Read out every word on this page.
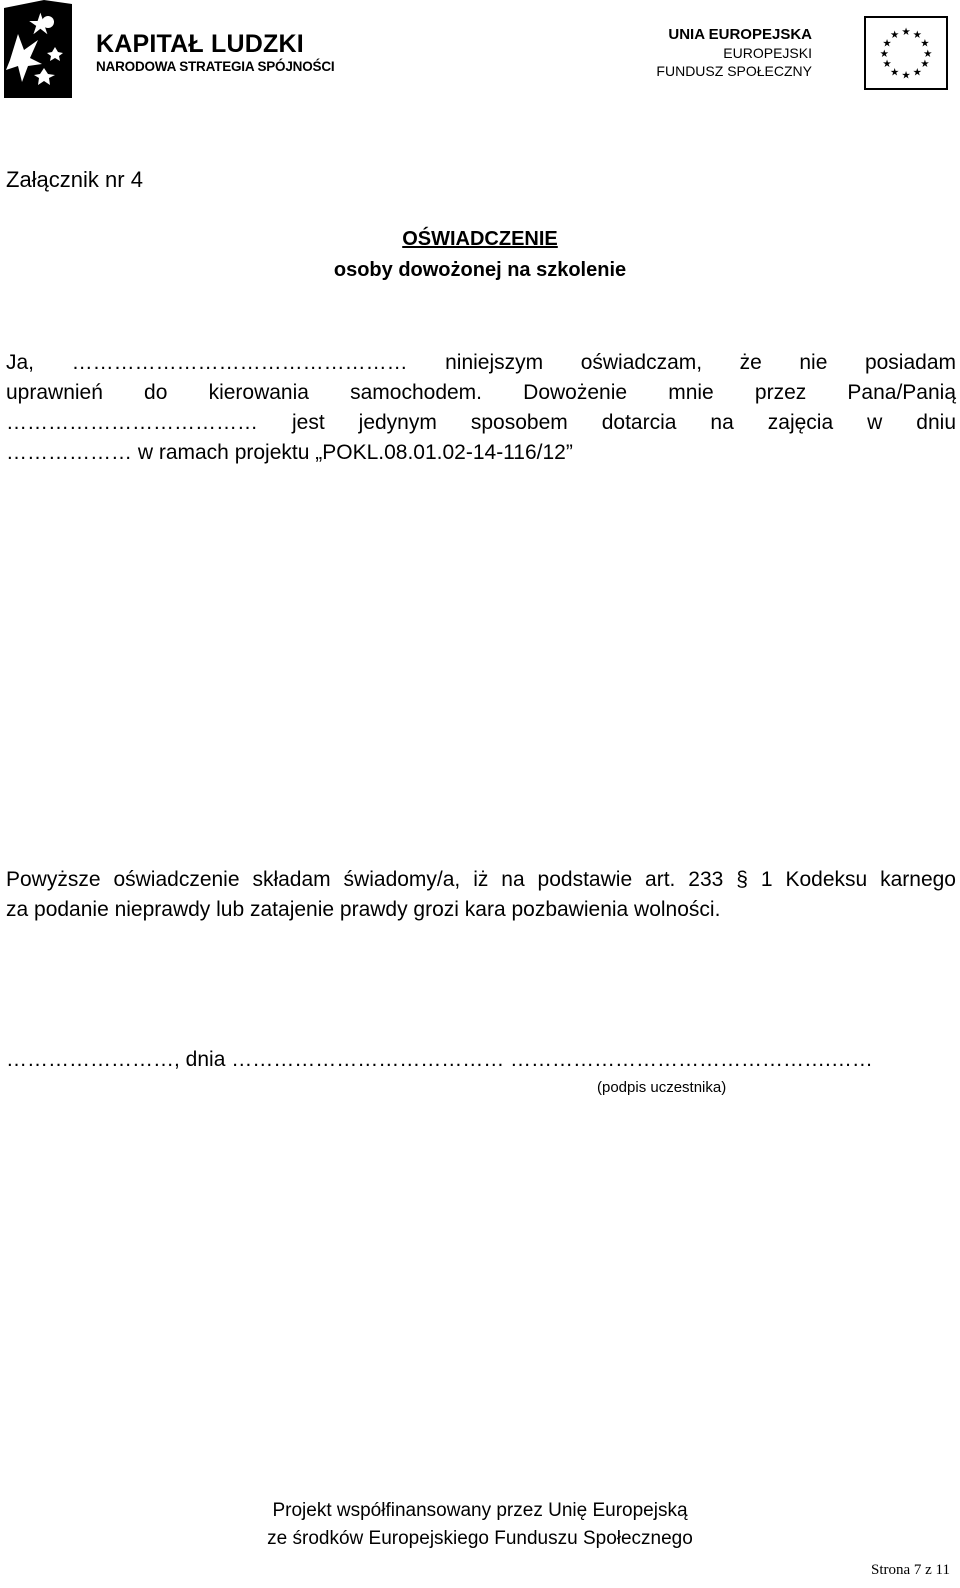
KAPITAŁ LUDZKI
NARODOWA STRATEGIA SPÓJNOŚCI
UNIA EUROPEJSKA
EUROPEJSKI
FUNDUSZ SPOŁECZNY
★ ★
★
★
★
★
★
★
★
★
★
★
Załącznik nr 4
OŚWIADCZENIE
osoby dowożonej na szkolenie
Ja, ………………………………………… niniejszym oświadczam, że nie posiadam
uprawnień do kierowania samochodem. Dowożenie mnie przez Pana/Panią
……………………………… jest jedynym sposobem dotarcia na zajęcia w dniu
……………… w ramach projektu „POKL.08.01.02-14-116/12”
Powyższe oświadczenie składam świadomy/a, iż na podstawie art. 233 § 1 Kodeksu karnego
za podanie nieprawdy lub zatajenie prawdy grozi kara pozbawienia wolności.
……………………, dnia ………………………………… ……………………………………….……
(podpis uczestnika)
Projekt współfinansowany przez Unię Europejską
ze środków Europejskiego Funduszu Społecznego
Strona 7 z 11
